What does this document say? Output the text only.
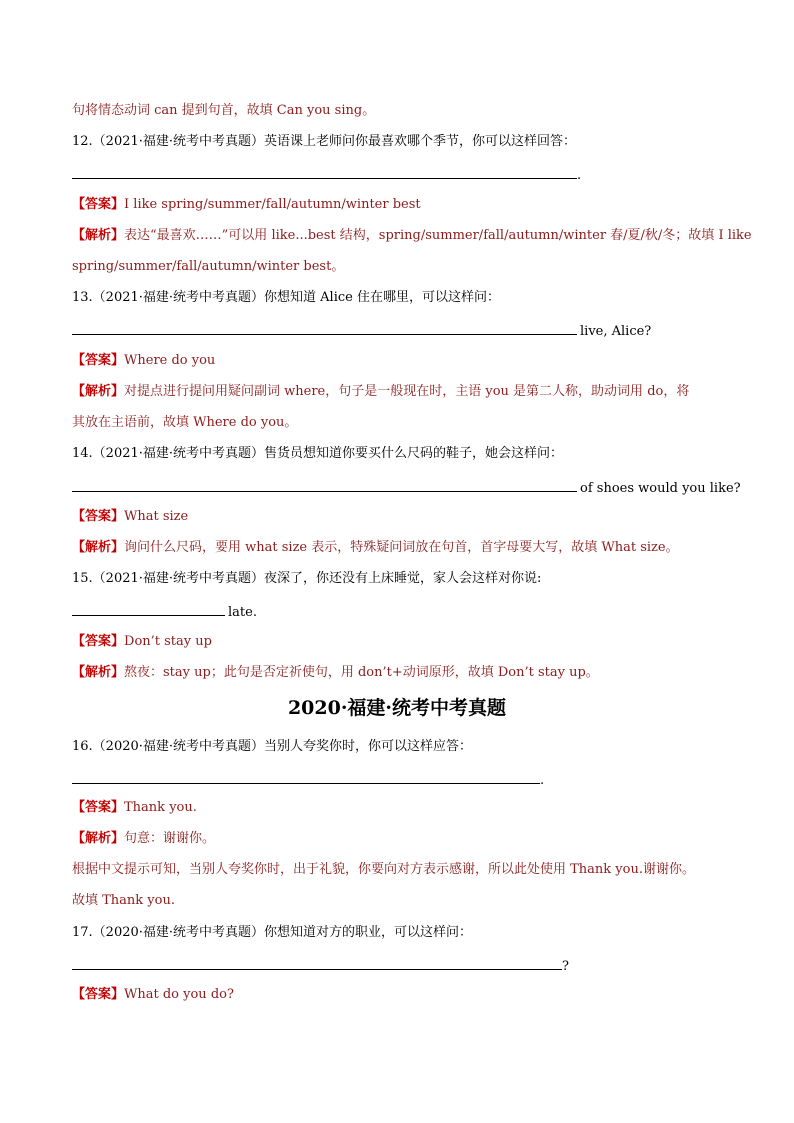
句将情态动词 can 提到句首，故填 Can you sing。
12.（2021·福建·统考中考真题）英语课上老师问你最喜欢哪个季节，你可以这样回答：
.
【答案】I like spring/summer/fall/autumn/winter best
【解析】表达“最喜欢……”可以用 like...best 结构，spring/summer/fall/autumn/winter 春/夏/秋/冬；故填 I like
spring/summer/fall/autumn/winter best。
13.（2021·福建·统考中考真题）你想知道 Alice 住在哪里，可以这样问：
live, Alice?
【答案】Where do you
【解析】对提点进行提问用疑问副词 where，句子是一般现在时，主语 you 是第二人称，助动词用 do，将
其放在主语前，故填 Where do you。
14.（2021·福建·统考中考真题）售货员想知道你要买什么尺码的鞋子，她会这样问：
of shoes would you like?
【答案】What size
【解析】询问什么尺码，要用 what size 表示，特殊疑问词放在句首，首字母要大写，故填 What size。
15.（2021·福建·统考中考真题）夜深了，你还没有上床睡觉，家人会这样对你说:
late.
【答案】Don’t stay up
【解析】熬夜：stay up；此句是否定祈使句，用 don’t+动词原形，故填 Don’t stay up。
2020·福建·统考中考真题
16.（2020·福建·统考中考真题）当别人夸奖你时，你可以这样应答：
.
【答案】Thank you.
【解析】句意：谢谢你。
根据中文提示可知，当别人夸奖你时，出于礼貌，你要向对方表示感谢，所以此处使用 Thank you.谢谢你。
故填 Thank you.
17.（2020·福建·统考中考真题）你想知道对方的职业，可以这样问：
?
【答案】What do you do?
